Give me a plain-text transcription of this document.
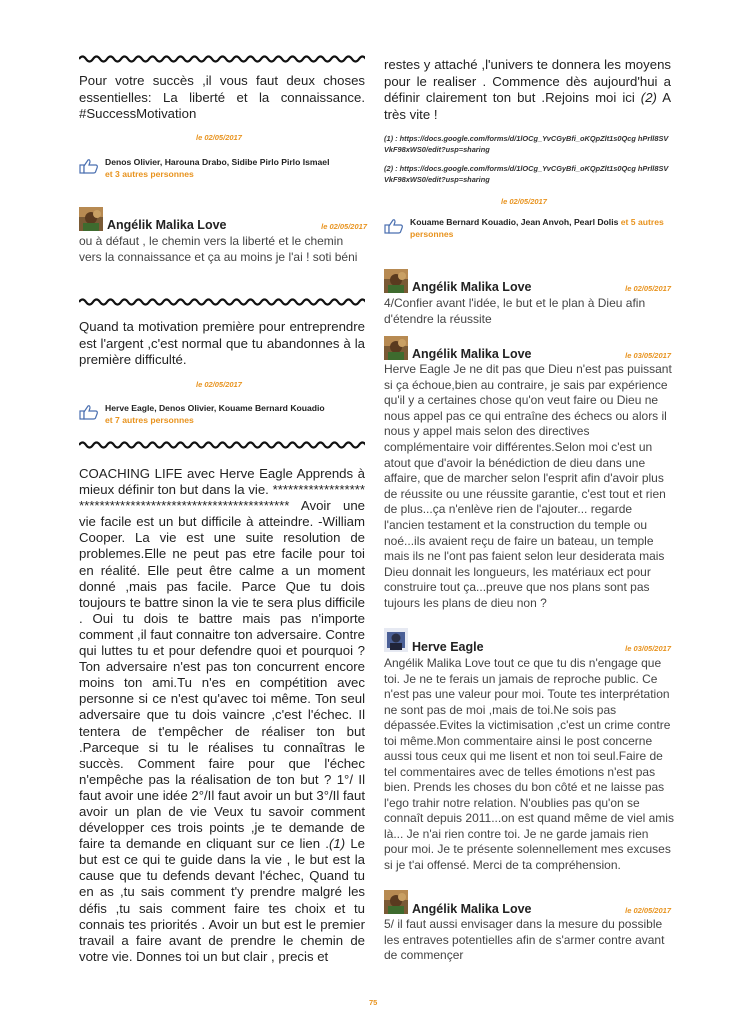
Pour votre succès ,il vous faut deux choses essentielles: La liberté et la connaissance. #SuccessMotivation
le 02/05/2017
Denos Olivier, Harouna Drabo, Sidibe Pirlo Pirlo Ismael
et 3 autres personnes
Angélik Malika Love	le 02/05/2017
ou à défaut , le chemin vers la liberté et le chemin vers la connaissance et ça au moins je l'ai ! soti béni
Quand ta motivation première pour entreprendre est l'argent ,c'est normal que tu abandonnes à la première difficulté.
le 02/05/2017
Herve Eagle, Denos Olivier, Kouame Bernard Kouadio
et 7 autres personnes
COACHING LIFE avec Herve Eagle Apprends à mieux définir ton but dans la vie. ****************** ***************************************** Avoir une vie facile est un but difficile à atteindre. -William Cooper. La vie est une suite resolution de problemes.Elle ne peut pas etre facile pour toi en réalité. Elle peut être calme a un moment donné ,mais pas facile. Parce Que tu dois toujours te battre sinon la vie te sera plus difficile . Oui tu dois te battre mais pas n'importe comment ,il faut connaitre ton adversaire. Contre qui luttes tu et pour defendre quoi et pourquoi ? Ton adversaire n'est pas ton concurrent encore moins ton ami.Tu n'es en compétition avec personne si ce n'est qu'avec toi même. Ton seul adversaire que tu dois vaincre ,c'est l'échec. Il tentera de t'empêcher de réaliser ton but .Parceque si tu le réalises tu connaîtras le succès. Comment faire pour que l'échec n'empêche pas la réalisation de ton but ? 1°/ Il faut avoir une idée 2°/Il faut avoir un but 3°/Il faut avoir un plan de vie Veux tu savoir comment développer ces trois points ,je te demande de faire ta demande en cliquant sur ce lien .(1) Le but est ce qui te guide dans la vie , le but est la cause que tu defends devant l'échec, Quand tu en as ,tu sais comment t'y prendre malgré les défis ,tu sais comment faire tes choix et tu connais tes priorités . Avoir un but est le premier travail a faire avant de prendre le chemin de votre vie. Donnes toi un but clair , precis et
restes y attaché ,l'univers te donnera les moyens pour le realiser . Commence dès aujourd'hui a définir clairement ton but .Rejoins moi ici (2) A très vite !
(1) : https://docs.google.com/forms/d/1lOCg_YvCGyBfi_oKQpZlt1s0Qcg hPrll8SVVkF98xWS0/edit?usp=sharing
(2) : https://docs.google.com/forms/d/1lOCg_YvCGyBfi_oKQpZlt1s0Qcg hPrll8SVVkF98xWS0/edit?usp=sharing
le 02/05/2017
Kouame Bernard Kouadio, Jean Anvoh, Pearl Dolis et 5 autres personnes
Angélik Malika Love	le 02/05/2017
4/Confier avant l'idée, le but et le plan à Dieu afin d'étendre la réussite
Angélik Malika Love	le 03/05/2017
Herve Eagle Je ne dit pas que Dieu n'est pas puissant si ça échoue,bien au contraire, je sais par expérience qu'il y a certaines chose qu'on veut faire ou Dieu ne nous appel pas ce qui entraîne des échecs ou alors il nous y appel mais selon des directives complémentaire voir différentes.Selon moi c'est un atout que d'avoir la bénédiction de dieu dans une affaire, que de marcher selon l'esprit afin d'avoir plus de réussite ou une réussite garantie, c'est tout et rien de plus...ça n'enlève rien de l'ajouter... regarde l'ancien testament et la construction du temple ou noé...ils avaient reçu de faire un bateau, un temple mais ils ne l'ont pas faient selon leur desiderata mais Dieu donnait les longueurs, les matériaux ect pour construire tout ça...preuve que nos plans sont pas tujours les plans de dieu non ?
Herve Eagle	le 03/05/2017
Angélik Malika Love tout ce que tu dis n'engage que toi. Je ne te ferais un jamais de reproche public. Ce n'est pas une valeur pour moi. Toute tes interprétation ne sont pas de moi ,mais de toi.Ne sois pas dépassée.Evites la victimisation ,c'est un crime contre toi même.Mon commentaire ainsi le post concerne aussi tous ceux qui me lisent et non toi seul.Faire de tel commentaires avec de telles émotions n'est pas bien. Prends les choses du bon côté et ne laisse pas l'ego trahir notre relation. N'oublies pas qu'on se connaît depuis 2011...on est quand même de viel amis là... Je n'ai rien contre toi. Je ne garde jamais rien pour moi. Je te présente solennellement mes excuses si je t'ai offensé. Merci de ta compréhension.
Angélik Malika Love	le 02/05/2017
5/ il faut aussi envisager dans la mesure du possible les entraves potentielles afin de s'armer contre avant de commençer
75
